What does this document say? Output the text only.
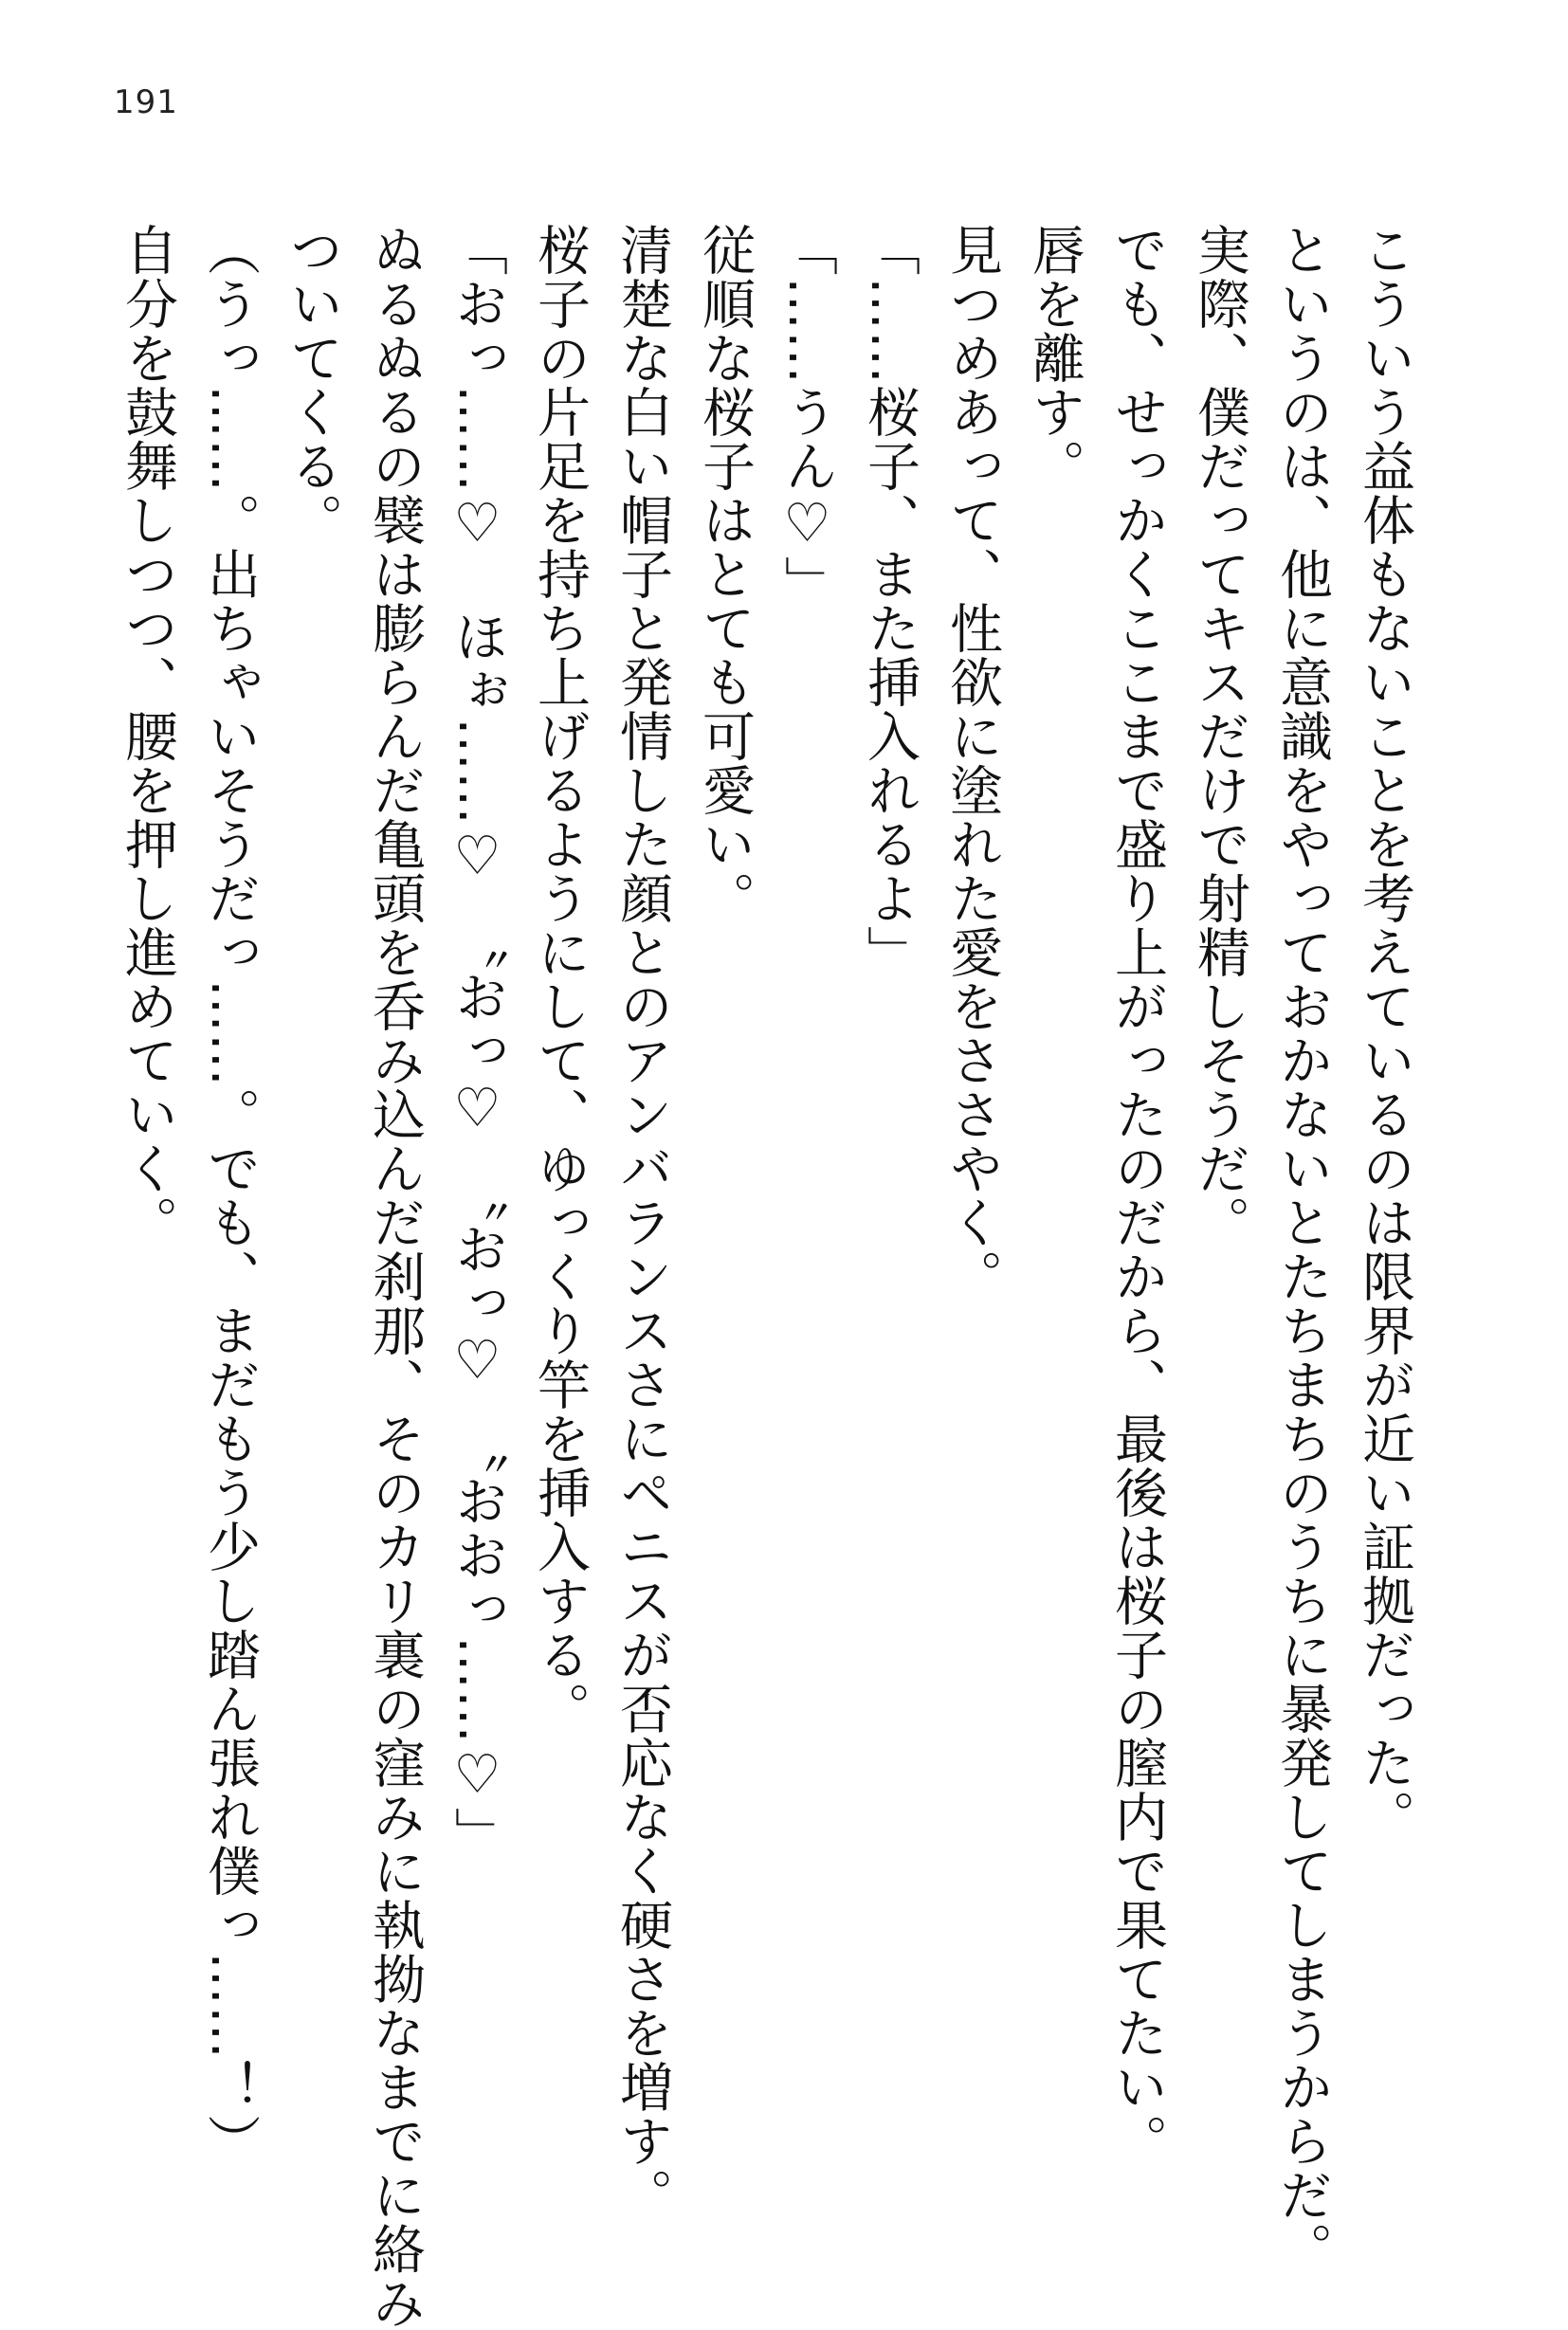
191
こういう益体もないことを考えているのは限界が近い証拠だった。
というのは、他に意識をやっておかないとたちまちのうちに暴発してしまうからだ。
実際、僕だってキスだけで射精しそうだ。
でも、せっかくここまで盛り上がったのだから、最後は桜子の膣内で果てたい。
唇を離す。
見つめあって、性欲に塗れた愛をささやく。
「……桜子、また挿入れるよ」
「……うん♡」
従順な桜子はとても可愛い。
清楚な白い帽子と発情した顔とのアンバランスさにペニスが否応なく硬さを増す。
桜子の片足を持ち上げるようにして、ゆっくり竿を挿入する。
「おっ……♡　ほぉ……♡　〝おっ♡　〝おっ♡　〝おおっ……♡」
ぬるぬるの襞は膨らんだ亀頭を呑み込んだ刹那、そのカリ裏の窪みに執拗なまでに絡み
ついてくる。
（うっ……。出ちゃいそうだっ……。でも、まだもう少し踏ん張れ僕っ……！）
自分を鼓舞しつつ、腰を押し進めていく。
